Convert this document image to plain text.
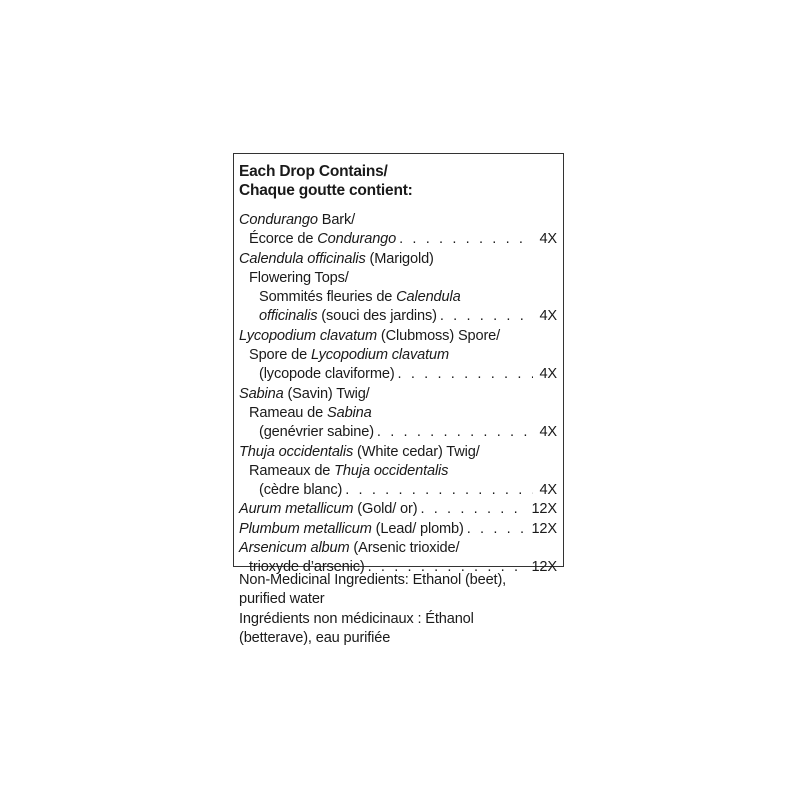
Each Drop Contains/
Chaque goutte contient:
Condurango Bark/
Écorce de Condurango . . .	4X
Calendula officinalis (Marigold)
Flowering Tops/
Sommités fleuries de Calendula
officinalis (souci des jardins) . . .	4X
Lycopodium clavatum (Clubmoss) Spore/
Spore de Lycopodium clavatum
(lycopode claviforme) . . .	4X
Sabina (Savin) Twig/
Rameau de Sabina
(genévrier sabine) . . .	4X
Thuja occidentalis (White cedar) Twig/
Rameaux de Thuja occidentalis
(cèdre blanc) . . .	4X
Aurum metallicum (Gold/ or) . . .	12X
Plumbum metallicum (Lead/ plomb) . . .	12X
Arsenicum album (Arsenic trioxide/
trioxyde d’arsenic) . . .	12X
Non-Medicinal Ingredients: Ethanol (beet),
purified water
Ingrédients non médicinaux : Éthanol
(betterave), eau purifiée
